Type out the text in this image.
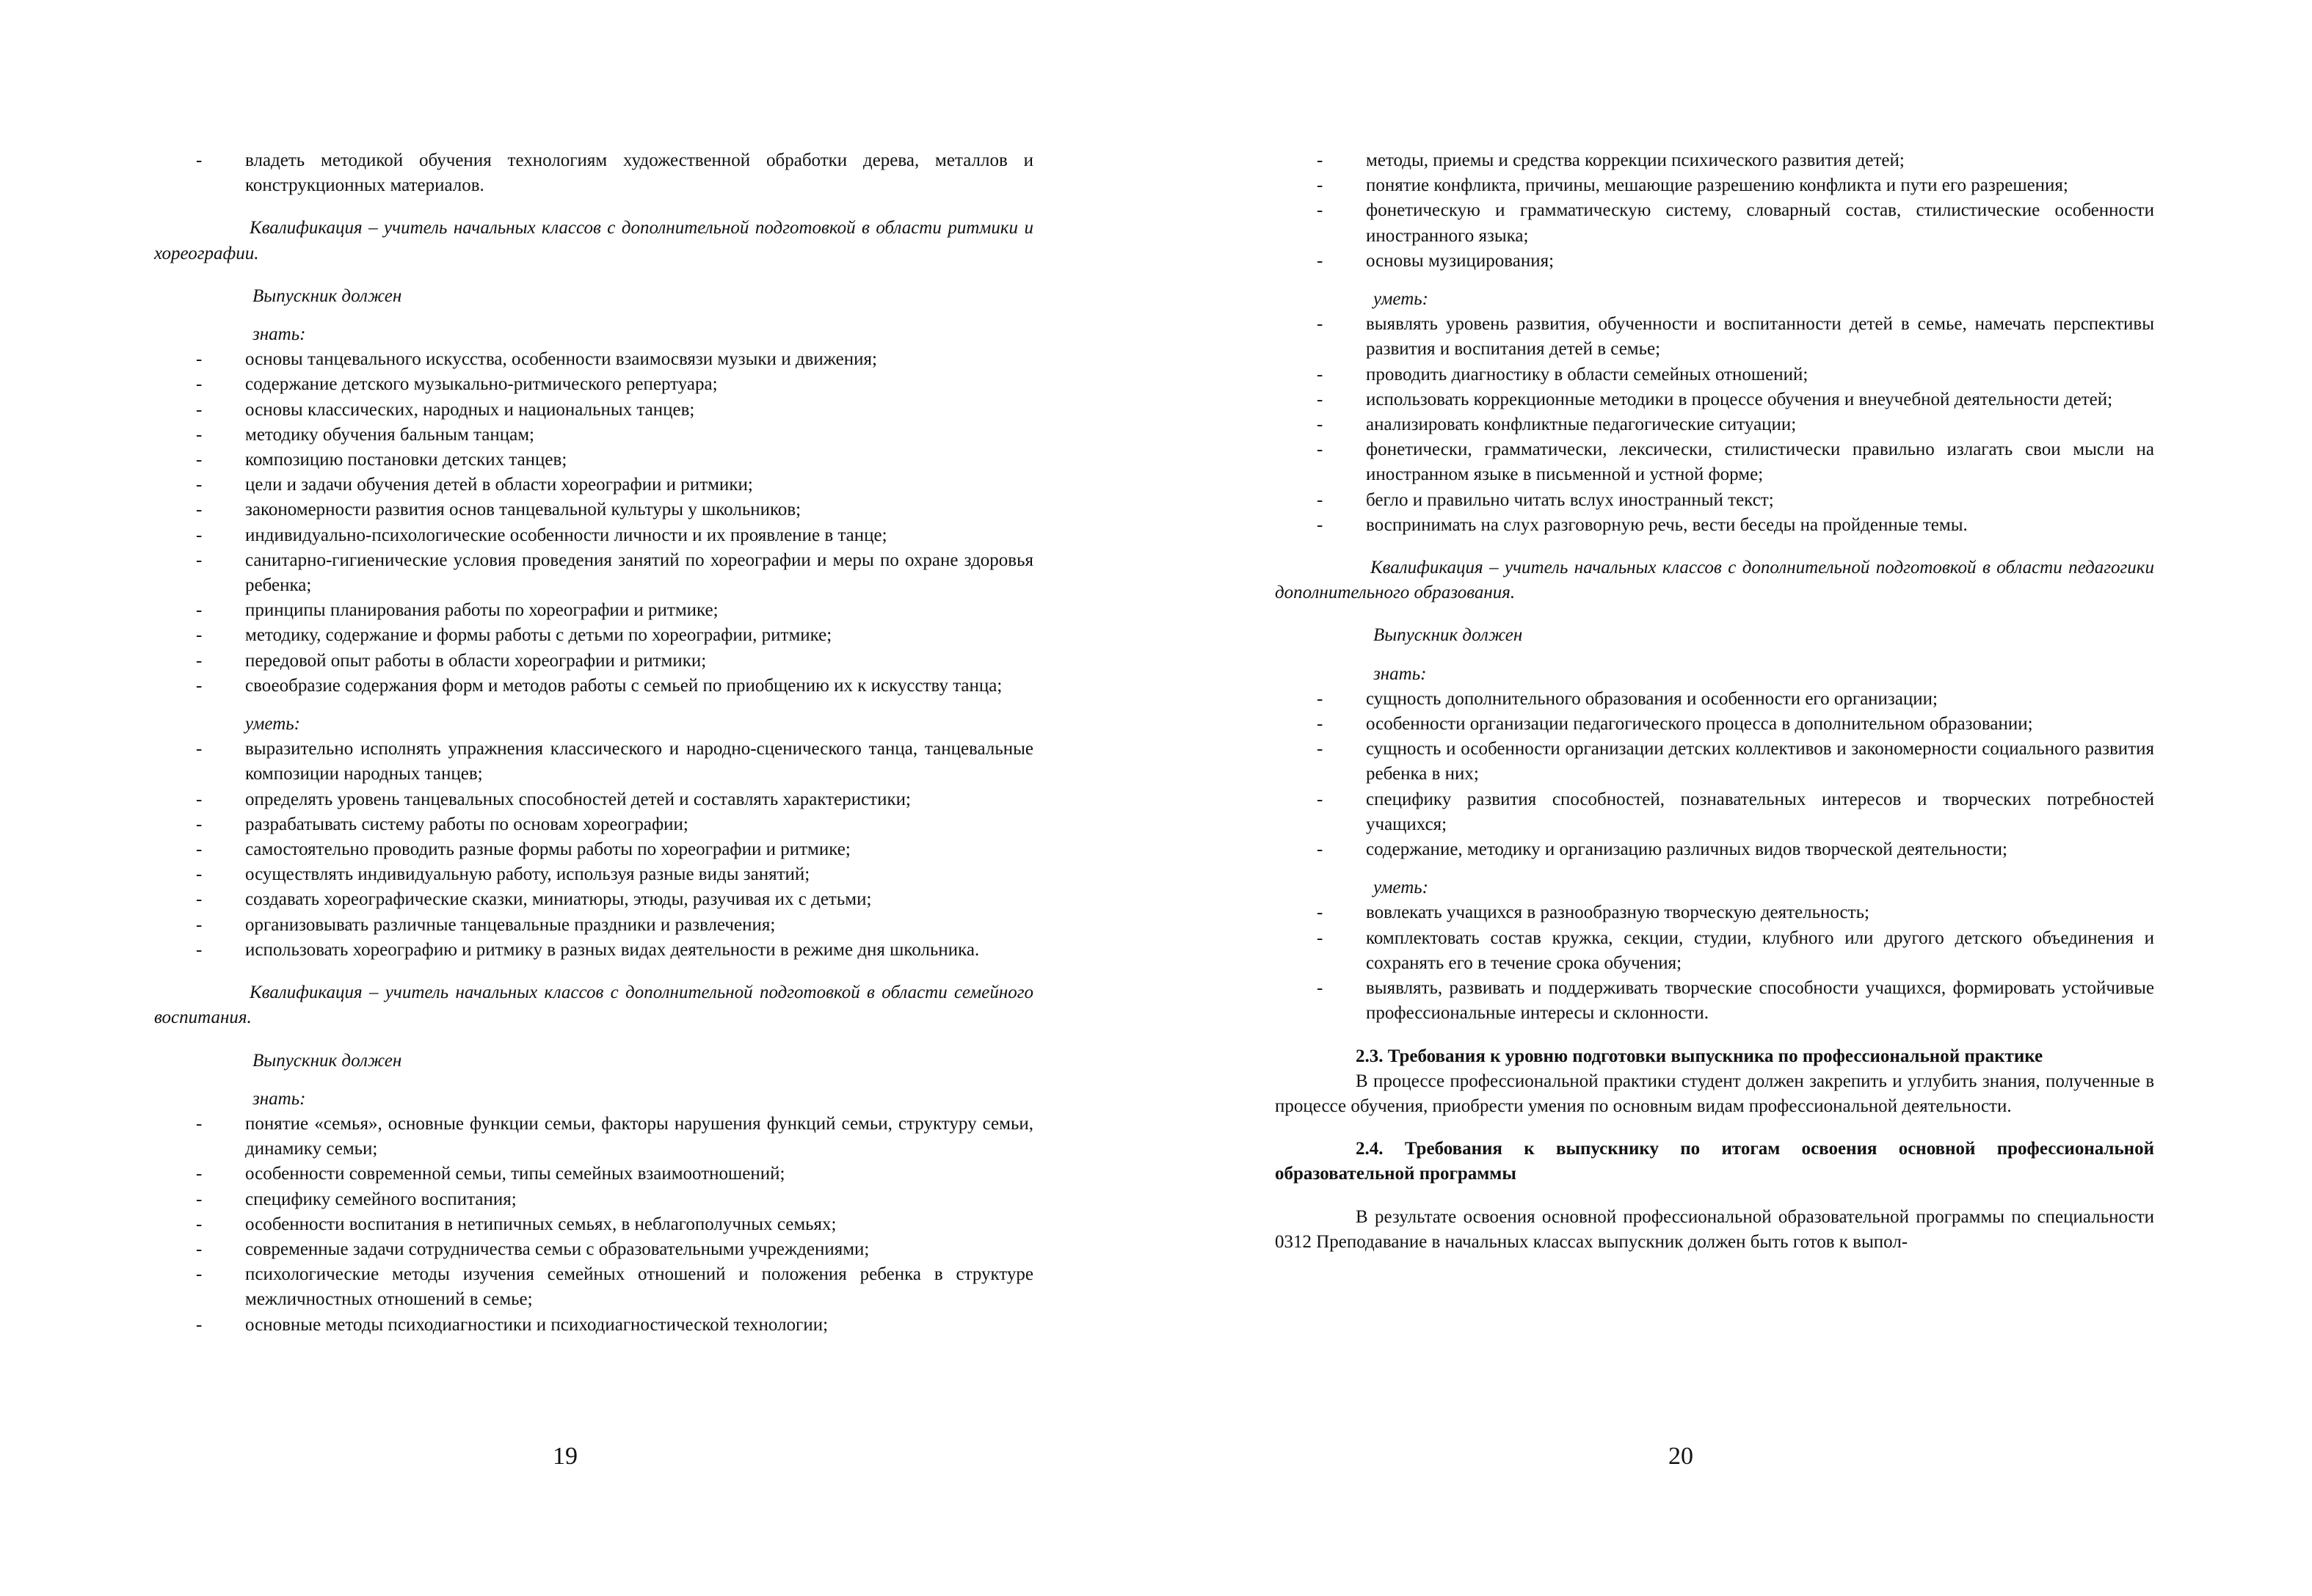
- владеть методикой обучения технологиям художественной обработки дерева, металлов и конструкционных материалов.

Квалификация – учитель начальных классов с дополнительной подготовкой в области ритмики и хореографии.

Выпускник должен

знать:

- основы танцевального искусства, особенности взаимосвязи музыки и движения;
- содержание детского музыкально-ритмического репертуара;
- основы классических, народных и национальных танцев;
- методику обучения бальным танцам;
- композицию постановки детских танцев;
- цели и задачи обучения детей в области хореографии и ритмики;
- закономерности развития основ танцевальной культуры у школьников;
- индивидуально-психологические особенности личности и их проявление в танце;
- санитарно-гигиенические условия проведения занятий по хореографии и меры по охране здоровья ребенка;
- принципы планирования работы по хореографии и ритмике;
- методику, содержание и формы работы с детьми по хореографии, ритмике;
- передовой опыт работы в области хореографии и ритмики;
- своеобразие содержания форм и методов работы с семьей по приобщению их к искусству танца;

уметь:

- выразительно исполнять упражнения классического и народно-сценического танца, танцевальные композиции народных танцев;
- определять уровень танцевальных способностей детей и составлять характеристики;
- разрабатывать систему работы по основам хореографии;
- самостоятельно проводить разные формы работы по хореографии и ритмике;
- осуществлять индивидуальную работу, используя разные виды занятий;
- создавать хореографические сказки, миниатюры, этюды, разучивая их с детьми;
- организовывать различные танцевальные праздники и развлечения;
- использовать хореографию и ритмику в разных видах деятельности в режиме дня школьника.

Квалификация – учитель начальных классов с дополнительной подготовкой в области семейного воспитания.

Выпускник должен

знать:

- понятие «семья», основные функции семьи, факторы нарушения функций семьи, структуру семьи, динамику семьи;
- особенности современной семьи, типы семейных взаимоотношений;
- специфику семейного воспитания;
- особенности воспитания в нетипичных семьях, в неблагополучных семьях;
- современные задачи сотрудничества семьи с образовательными учреждениями;
- психологические методы изучения семейных отношений и положения ребенка в структуре межличностных отношений в семье;
- основные методы психодиагностики и психодиагностической технологии;
19
- методы, приемы и средства коррекции психического развития детей;
- понятие конфликта, причины, мешающие разрешению конфликта и пути его разрешения;
- фонетическую и грамматическую систему, словарный состав, стилистические особенности иностранного языка;
- основы музицирования;

уметь:

- выявлять уровень развития, обученности и воспитанности детей в семье, намечать перспективы развития и воспитания детей в семье;
- проводить диагностику в области семейных отношений;
- использовать коррекционные методики в процессе обучения и внеучебной деятельности детей;
- анализировать конфликтные педагогические ситуации;
- фонетически, грамматически, лексически, стилистически правильно излагать свои мысли на иностранном языке в письменной и устной форме;
- бегло и правильно читать вслух иностранный текст;
- воспринимать на слух разговорную речь, вести беседы на пройденные темы.

Квалификация – учитель начальных классов с дополнительной подготовкой в области педагогики дополнительного образования.

Выпускник должен

знать:

- сущность дополнительного образования и особенности его организации;
- особенности организации педагогического процесса в дополнительном образовании;
- сущность и особенности организации детских коллективов и закономерности социального развития ребенка в них;
- специфику развития способностей, познавательных интересов и творческих потребностей учащихся;
- содержание, методику и организацию различных видов творческой деятельности;

уметь:

- вовлекать учащихся в разнообразную творческую деятельность;
- комплектовать состав кружка, секции, студии, клубного или другого детского объединения и сохранять его в течение срока обучения;
- выявлять, развивать и поддерживать творческие способности учащихся, формировать устойчивые профессиональные интересы и склонности.

2.3. Требования к уровню подготовки выпускника по профессиональной практике

В процессе профессиональной практики студент должен закрепить и углубить знания, полученные в процессе обучения, приобрести умения по основным видам профессиональной деятельности.

2.4. Требования к выпускнику по итогам освоения основной профессиональной образовательной программы

В результате освоения основной профессиональной образовательной программы по специальности 0312 Преподавание в начальных классах выпускник должен быть готов к выпол-

20
